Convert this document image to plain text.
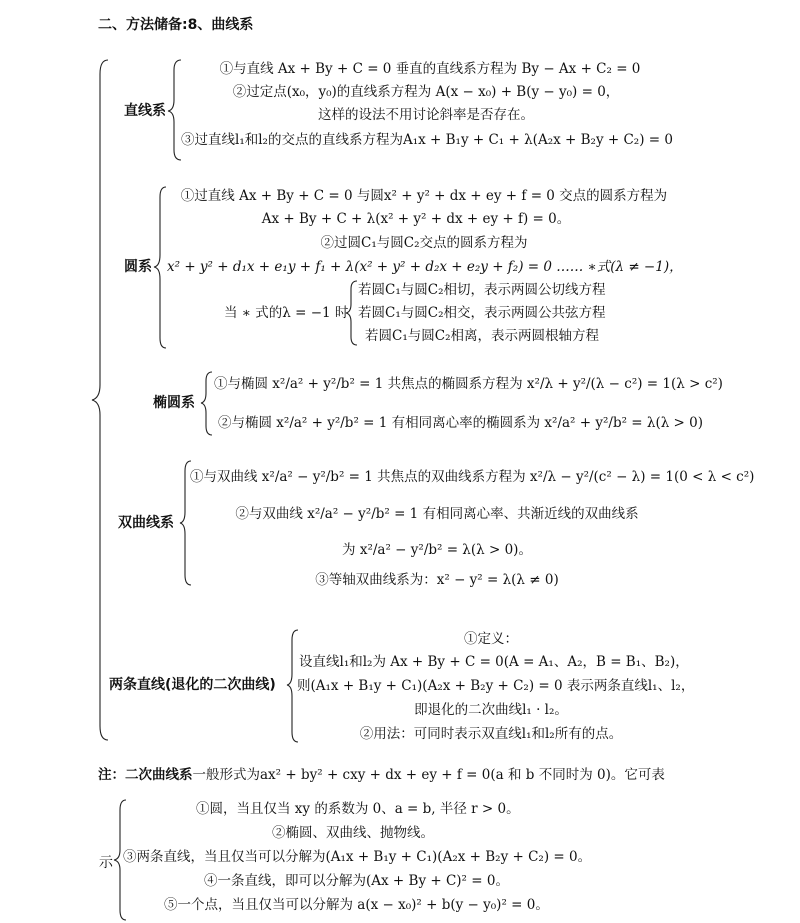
二、方法储备:8、曲线系
直线系
①与直线 Ax + By + C = 0 垂直的直线系方程为 By − Ax + C₂ = 0
②过定点(x₀，y₀)的直线系方程为 A(x − x₀) + B(y − y₀) = 0，
这样的设法不用讨论斜率是否存在。
③过直线l₁和l₂的交点的直线系方程为A₁x + B₁y + C₁ + λ(A₂x + B₂y + C₂) = 0
圆系
①过直线 Ax + By + C = 0 与圆x² + y² + dx + ey + f = 0 交点的圆系方程为
Ax + By + C + λ(x² + y² + dx + ey + f) = 0。
②过圆C₁与圆C₂交点的圆系方程为
x² + y² + d₁x + e₁y + f₁ + λ(x² + y² + d₂x + e₂y + f₂) = 0 …… ∗式(λ ≠ −1)，
当 ∗ 式的λ = −1 时
若圆C₁与圆C₂相切，表示两圆公切线方程
若圆C₁与圆C₂相交，表示两圆公共弦方程
若圆C₁与圆C₂相离，表示两圆根轴方程
椭圆系
①与椭圆 x²/a² + y²/b² = 1 共焦点的椭圆系方程为 x²/λ + y²/(λ − c²) = 1(λ > c²)
②与椭圆 x²/a² + y²/b² = 1 有相同离心率的椭圆系为 x²/a² + y²/b² = λ(λ > 0)
双曲线系
①与双曲线 x²/a² − y²/b² = 1 共焦点的双曲线系方程为 x²/λ − y²/(c² − λ) = 1(0 < λ < c²)
②与双曲线 x²/a² − y²/b² = 1 有相同离心率、共渐近线的双曲线系
为 x²/a² − y²/b² = λ(λ > 0)。
③等轴双曲线系为：x² − y² = λ(λ ≠ 0)
两条直线(退化的二次曲线)
①定义：
设直线l₁和l₂为 Ax + By + C = 0(A = A₁、A₂，B = B₁、B₂)，
则(A₁x + B₁y + C₁)(A₂x + B₂y + C₂) = 0 表示两条直线l₁、l₂，
即退化的二次曲线l₁ · l₂。
②用法：可同时表示双直线l₁和l₂所有的点。
注：二次曲线系一般形式为ax² + by² + cxy + dx + ey + f = 0(a 和 b 不同时为 0)。它可表
示
①圆，当且仅当 xy 的系数为 0、a = b, 半径 r > 0。
②椭圆、双曲线、抛物线。
③两条直线，当且仅当可以分解为(A₁x + B₁y + C₁)(A₂x + B₂y + C₂) = 0。
④一条直线，即可以分解为(Ax + By + C)² = 0。
⑤一个点，当且仅当可以分解为 a(x − x₀)² + b(y − y₀)² = 0。
